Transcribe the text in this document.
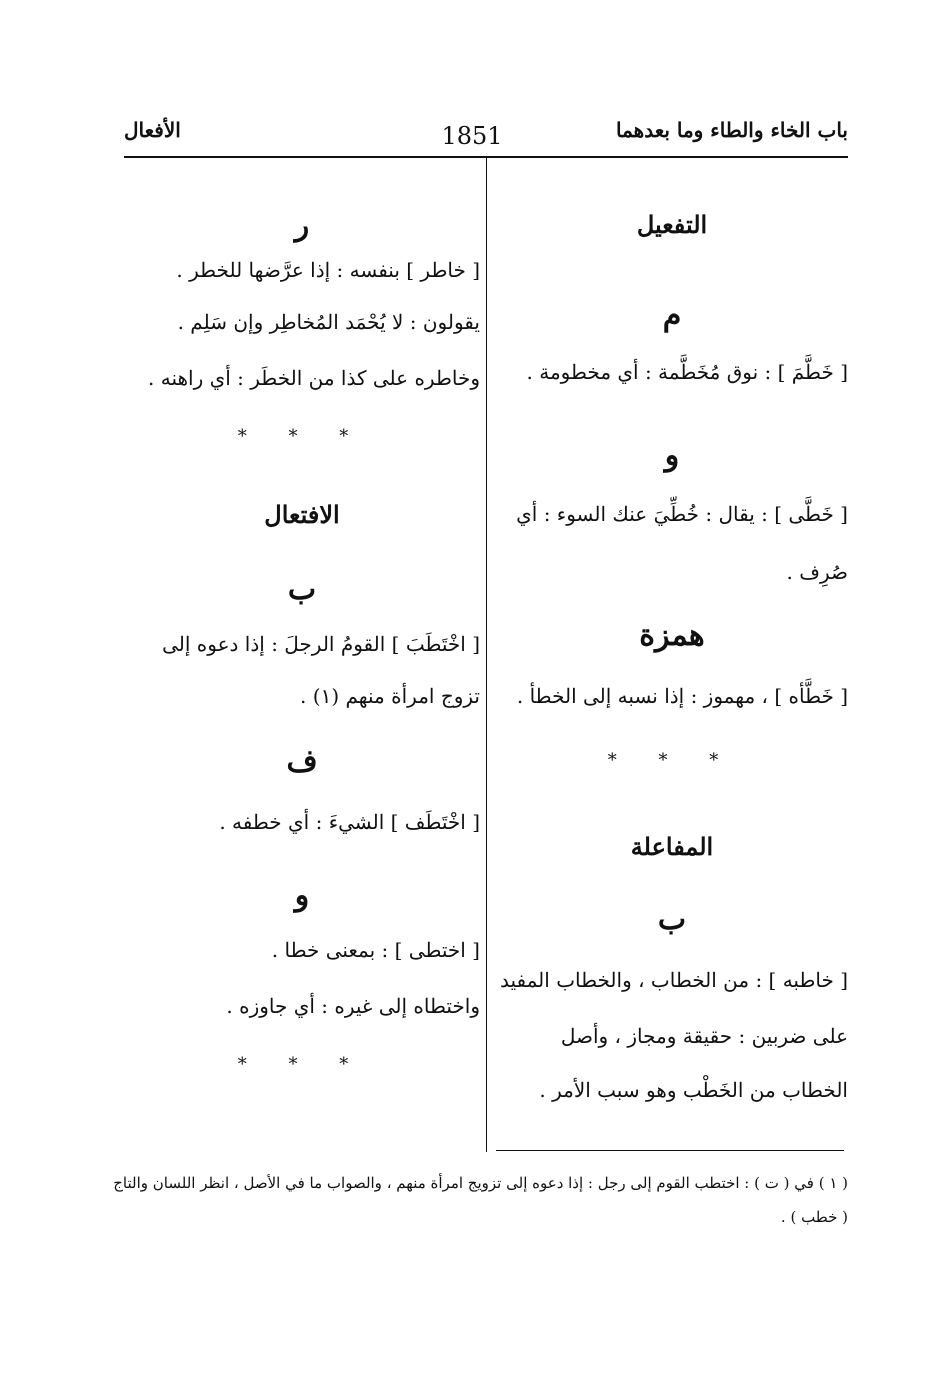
باب الخاء والطاء وما بعدهما
1851
الأفعال
التفعيل
م
[ خَطَّمَ ] : نوق مُخَطَّمة : أي مخطومة .
و
[ خَطَّى ] : يقال : خُطِّيَ عنك السوء : أي
صُرِف .
همزة
[ خَطَّأه ] ، مهموز : إذا نسبه إلى الخطأ .
* * *
المفاعلة
ب
[ خاطبه ] : من الخطاب ، والخطاب المفيد
على ضربين : حقيقة ومجاز ، وأصل
الخطاب من الخَطْب وهو سبب الأمر .
ر
[ خاطر ] بنفسه : إذا عرَّضها للخطر .
يقولون : لا يُحْمَد المُخاطِر وإن سَلِم .
وخاطره على كذا من الخطَر : أي راهنه .
* * *
الافتعال
ب
[ اخْتَطَبَ ] القومُ الرجلَ : إذا دعوه إلى
تزوج امرأة منهم (١) .
ف
[ اخْتَطَف ] الشيءَ : أي خطفه .
و
[ اختطى ] : بمعنى خطا .
واختطاه إلى غيره : أي جاوزه .
* * *
( ١ ) في ( ت ) : اختطب القوم إلى رجل : إذا دعوه إلى تزويج امرأة منهم ، والصواب ما في الأصل ، انظر اللسان والتاج
( خطب ) .
